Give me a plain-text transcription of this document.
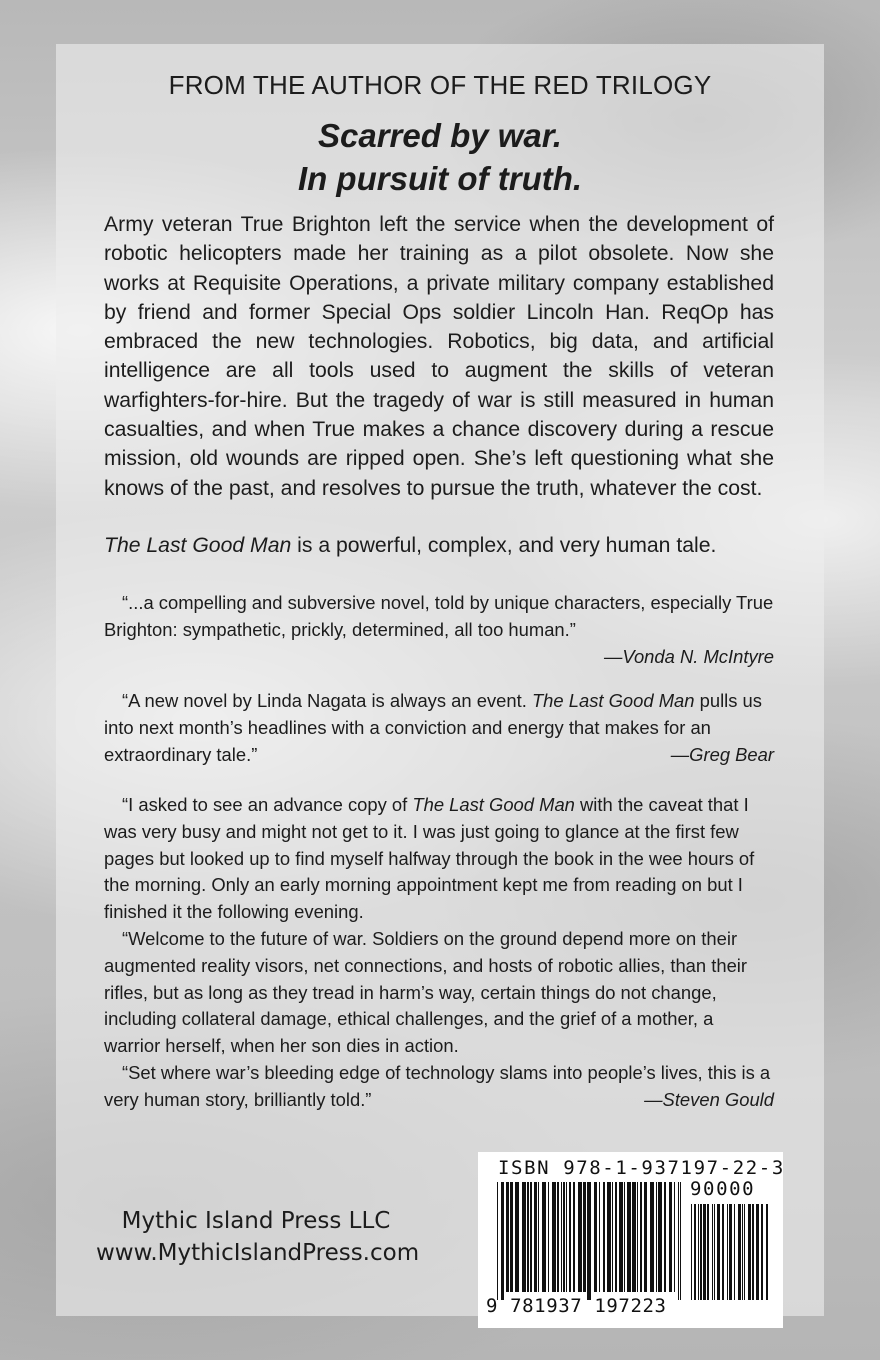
FROM THE AUTHOR OF THE RED TRILOGY
Scarred by war.
In pursuit of truth.

Army veteran True Brighton left the service when the development of robotic helicopters made her training as a pilot obsolete. Now she works at Requisite Operations, a private military company established by friend and former Special Ops soldier Lincoln Han. ReqOp has embraced the new technologies. Robotics, big data, and artificial intelligence are all tools used to augment the skills of veteran warfighters-for-hire. But the tragedy of war is still measured in human casualties, and when True makes a chance discovery during a rescue mission, old wounds are ripped open. She’s left questioning what she knows of the past, and resolves to pursue the truth, whatever the cost.

The Last Good Man is a powerful, complex, and very human tale.

“...a compelling and subversive novel, told by unique characters, especially True Brighton: sympathetic, prickly, determined, all too human.”

—Vonda N. McIntyre

“A new novel by Linda Nagata is always an event. The Last Good Man pulls us into next month’s headlines with a conviction and energy that makes for an extraordinary tale.”	—Greg Bear

“I asked to see an advance copy of The Last Good Man with the caveat that I was very busy and might not get to it. I was just going to glance at the first few pages but looked up to find myself halfway through the book in the wee hours of the morning. Only an early morning appointment kept me from reading on but I finished it the following evening.

“Welcome to the future of war. Soldiers on the ground depend more on their augmented reality visors, net connections, and hosts of robotic allies, than their rifles, but as long as they tread in harm’s way, certain things do not change, including collateral damage, ethical challenges, and the grief of a mother, a warrior herself, when her son dies in action.

“Set where war’s bleeding edge of technology slams into people’s lives, this is a very human story, brilliantly told.”	—Steven Gould

Mythic Island Press LLC
www.MythicIslandPress.com
ISBN 978-1-937197-22-3
90000
9 781937 197223
